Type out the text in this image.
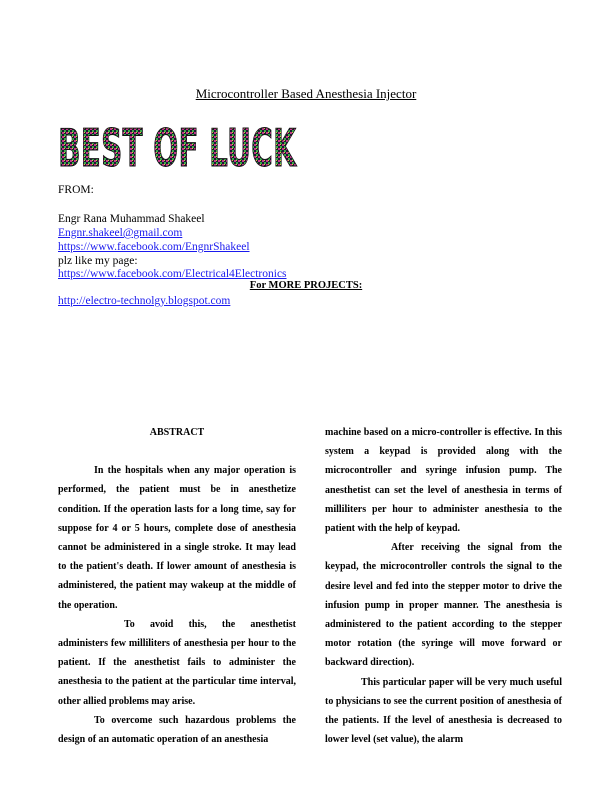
Microcontroller Based Anesthesia Injector
BEST OF LUCK
FROM:
Engr Rana Muhammad Shakeel
Engnr.shakeel@gmail.com
https://www.facebook.com/EngnrShakeel
plz like my page:
https://www.facebook.com/Electrical4Electronics
For MORE PROJECTS:
http://electro-technolgy.blogspot.com

ABSTRACT

In the hospitals when any major operation is performed, the patient must be in anesthetize condition. If the operation lasts for a long time, say for suppose for 4 or 5 hours, complete dose of anesthesia cannot be administered in a single stroke. It may lead to the patient's death. If lower amount of anesthesia is administered, the patient may wakeup at the middle of the operation.

To avoid this, the anesthetist administers few milliliters of anesthesia per hour to the patient. If the anesthetist fails to administer the anesthesia to the patient at the particular time interval, other allied problems may arise.

To overcome such hazardous problems the design of an automatic operation of an anesthesia

machine based on a micro-controller is effective. In this system a keypad is provided along with the microcontroller and syringe infusion pump. The anesthetist can set the level of anesthesia in terms of milliliters per hour to administer anesthesia to the patient with the help of keypad.

After receiving the signal from the keypad, the microcontroller controls the signal to the desire level and fed into the stepper motor to drive the infusion pump in proper manner. The anesthesia is administered to the patient according to the stepper motor rotation (the syringe will move forward or backward direction).

This particular paper will be very much useful to physicians to see the current position of anesthesia of the patients. If the level of anesthesia is decreased to lower level (set value), the alarm
